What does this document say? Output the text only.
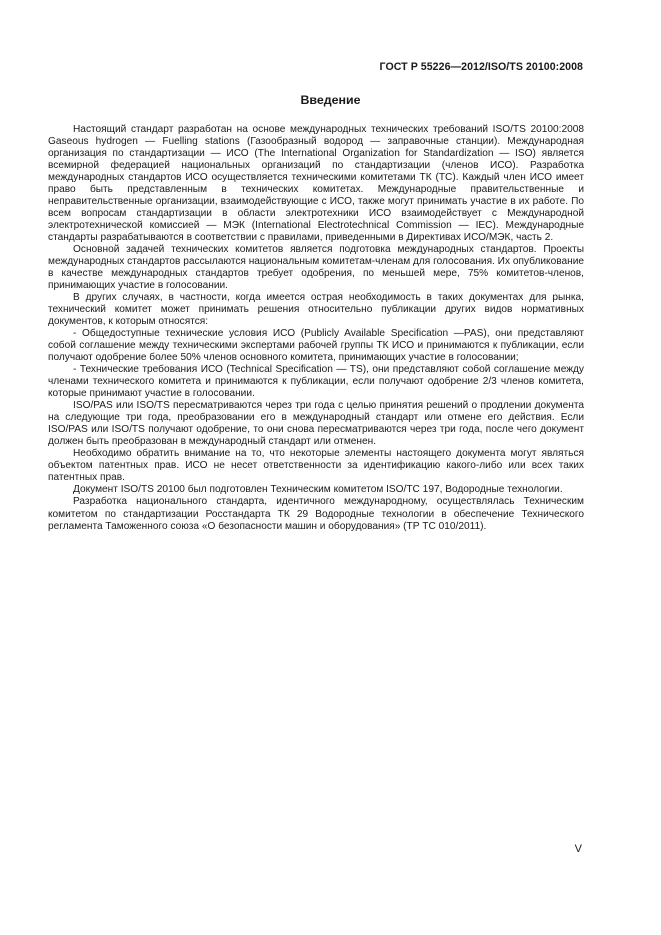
ГОСТ Р 55226—2012/ISO/TS 20100:2008
Введение

Настоящий стандарт разработан на основе международных технических требований ISO/TS 20100:2008 Gaseous hydrogen — Fuelling stations (Газообразный водород — заправочные станции). Международная организация по стандартизации — ИСО (The International Organization for Standardization — ISO) является всемирной федерацией национальных организаций по стандартизации (членов ИСО). Разработка международных стандартов ИСО осуществляется техническими комитетами ТК (ТС). Каждый член ИСО имеет право быть представленным в технических комитетах. Международные правительственные и неправительственные организации, взаимодействующие с ИСО, также могут принимать участие в их работе. По всем вопросам стандартизации в области электротехники ИСО взаимодействует с Международной электротехнической комиссией — МЭК (International Electrotechnical Commission — IEC). Международные стандарты разрабатываются в соответствии с правилами, приведенными в Директивах ИСО/МЭК, часть 2.

Основной задачей технических комитетов является подготовка международных стандартов. Проекты международных стандартов рассылаются национальным комитетам-членам для голосования. Их опубликование в качестве международных стандартов требует одобрения, по меньшей мере, 75% комитетов-членов, принимающих участие в голосовании.

В других случаях, в частности, когда имеется острая необходимость в таких документах для рынка, технический комитет может принимать решения относительно публикации других видов нормативных документов, к которым относятся:

- Общедоступные технические условия ИСО (Publicly Available Specification —PAS), они представляют собой соглашение между техническими экспертами рабочей группы ТК ИСО и принимаются к публикации, если получают одобрение более 50% членов основного комитета, принимающих участие в голосовании;

- Технические требования ИСО (Technical Specification — TS), они представляют собой соглашение между членами технического комитета и принимаются к публикации, если получают одобрение 2/3 членов комитета, которые принимают участие в голосовании.

ISO/PAS или ISO/TS пересматриваются через три года с целью принятия решений о продлении документа на следующие три года, преобразовании его в международный стандарт или отмене его действия. Если ISO/PAS или ISO/TS получают одобрение, то они снова пересматриваются через три года, после чего документ должен быть преобразован в международный стандарт или отменен.

Необходимо обратить внимание на то, что некоторые элементы настоящего документа могут являться объектом патентных прав. ИСО не несет ответственности за идентификацию какого-либо или всех таких патентных прав.

Документ ISO/TS 20100 был подготовлен Техническим комитетом ISO/TC 197, Водородные технологии.

Разработка национального стандарта, идентичного международному, осуществлялась Техническим комитетом по стандартизации Росстандарта ТК 29 Водородные технологии в обеспечение Технического регламента Таможенного союза «О безопасности машин и оборудования» (ТР ТС 010/2011).

V
